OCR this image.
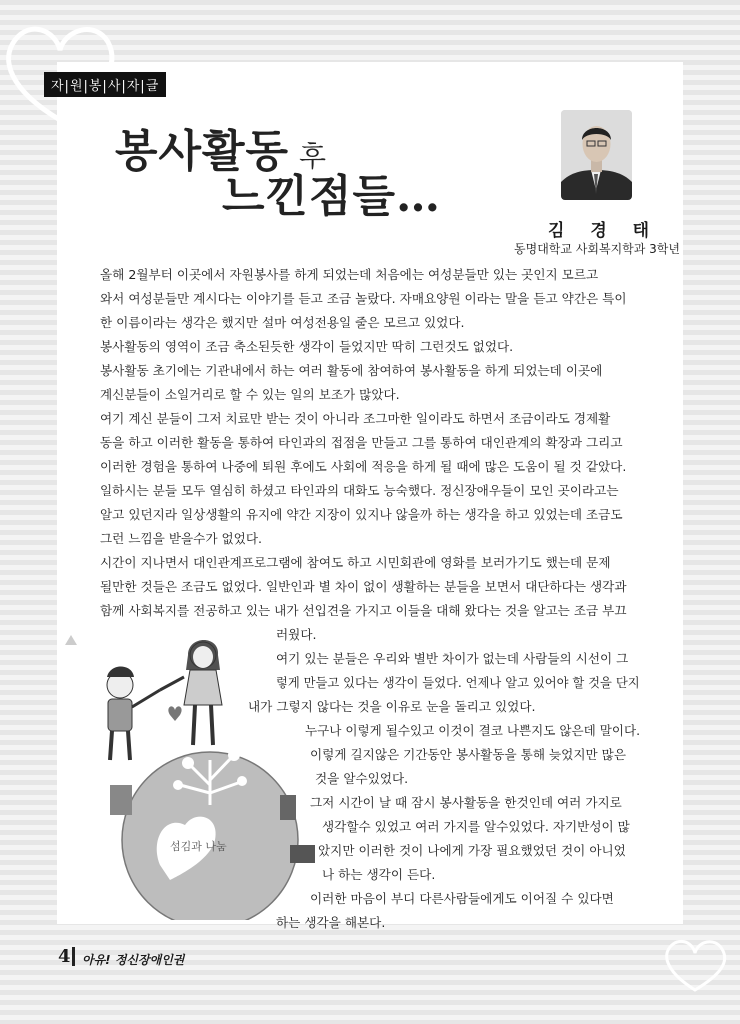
자|원|봉|사|자|글
봉사활동 후
느낀점들…
김 경 태
동명대학교 사회복지학과 3학년
올해 2월부터 이곳에서 자원봉사를 하게 되었는데 처음에는 여성분들만 있는 곳인지 모르고
와서 여성분들만 계시다는 이야기를 듣고 조금 놀랐다. 자매요양원 이라는 말을 듣고 약간은 특이
한 이름이라는 생각은 했지만 설마 여성전용일 줄은 모르고 있었다.
봉사활동의 영역이 조금 축소된듯한 생각이 들었지만 딱히 그런것도 없었다.
봉사활동 초기에는 기관내에서 하는 여러 활동에 참여하여 봉사활동을 하게 되었는데 이곳에
계신분들이 소일거리로 할 수 있는 일의 보조가 많았다.
여기 계신 분들이 그저 치료만 받는 것이 아니라 조그마한 일이라도 하면서 조금이라도 경제활
동을 하고 이러한 활동을 통하여 타인과의 접점을 만들고 그를 통하여 대인관계의 확장과 그리고
이러한 경험을 통하여 나중에 퇴원 후에도 사회에 적응을 하게 될 때에 많은 도움이 될 것 같았다.
일하시는 분들 모두 열심히 하셨고 타인과의 대화도 능숙했다. 정신장애우들이 모인 곳이라고는
알고 있던지라 일상생활의 유지에 약간 지장이 있지나 않을까 하는 생각을 하고 있었는데 조금도
그런 느낌을 받을수가 없었다.
시간이 지나면서 대인관계프로그램에 참여도 하고 시민회관에 영화를 보러가기도 했는데 문제
될만한 것들은 조금도 없었다. 일반인과 별 차이 없이 생활하는 분들을 보면서 대단하다는 생각과
함께 사회복지를 전공하고 있는 내가 선입견을 가지고 이들을 대해 왔다는 것을 알고는 조금 부끄
섬김과 나눔
러웠다.
여기 있는 분들은 우리와 별반 차이가 없는데 사람들의 시선이 그
렇게 만들고 있다는 생각이 들었다. 언제나 알고 있어야 할 것을 단지
내가 그렇지 않다는 것을 이유로 눈을 돌리고 있었다.
누구나 이렇게 될수있고 이것이 결코 나쁜지도 않은데 말이다.
이렇게 길지않은 기간동안 봉사활동을 통해 늦었지만 많은
것을 알수있었다.
그저 시간이 날 때 잠시 봉사활동을 한것인데 여러 가지로
생각할수 있었고 여러 가지를 알수있었다. 자기반성이 많
았지만 이러한 것이 나에게 가장 필요했었던 것이 아니었
나 하는 생각이 든다.
이러한 마음이 부디 다른사람들에게도 이어질 수 있다면
하는 생각을 해본다.
4 아유! 정신장애인권
